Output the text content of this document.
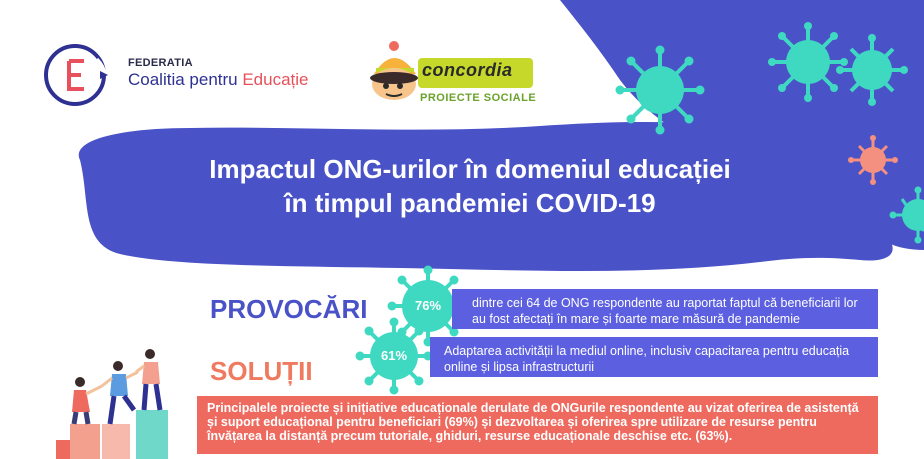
FEDERATIA
Coalitia pentru Educație	concordia
PROIECTE SOCIALE
Impactul ONG-urilor în domeniul educației
în timpul pandemiei COVID-19
PROVOCĂRI	dintre cei 64 de ONG respondente au raportat faptul că beneficiarii lor au fost afectați în mare și foarte mare măsură de pandemie
76%
SOLUȚII
Adaptarea activității la mediul online, inclusiv capacitarea pentru educația online și lipsa infrastructurii
61%
Principalele proiecte și inițiative educaționale derulate de ONGurile respondente au vizat oferirea de asistență și suport educațional pentru beneficiari (69%) și dezvoltarea și oferirea spre utilizare de resurse pentru învățarea la distanță precum tutoriale, ghiduri, resurse educaționale deschise etc. (63%).
